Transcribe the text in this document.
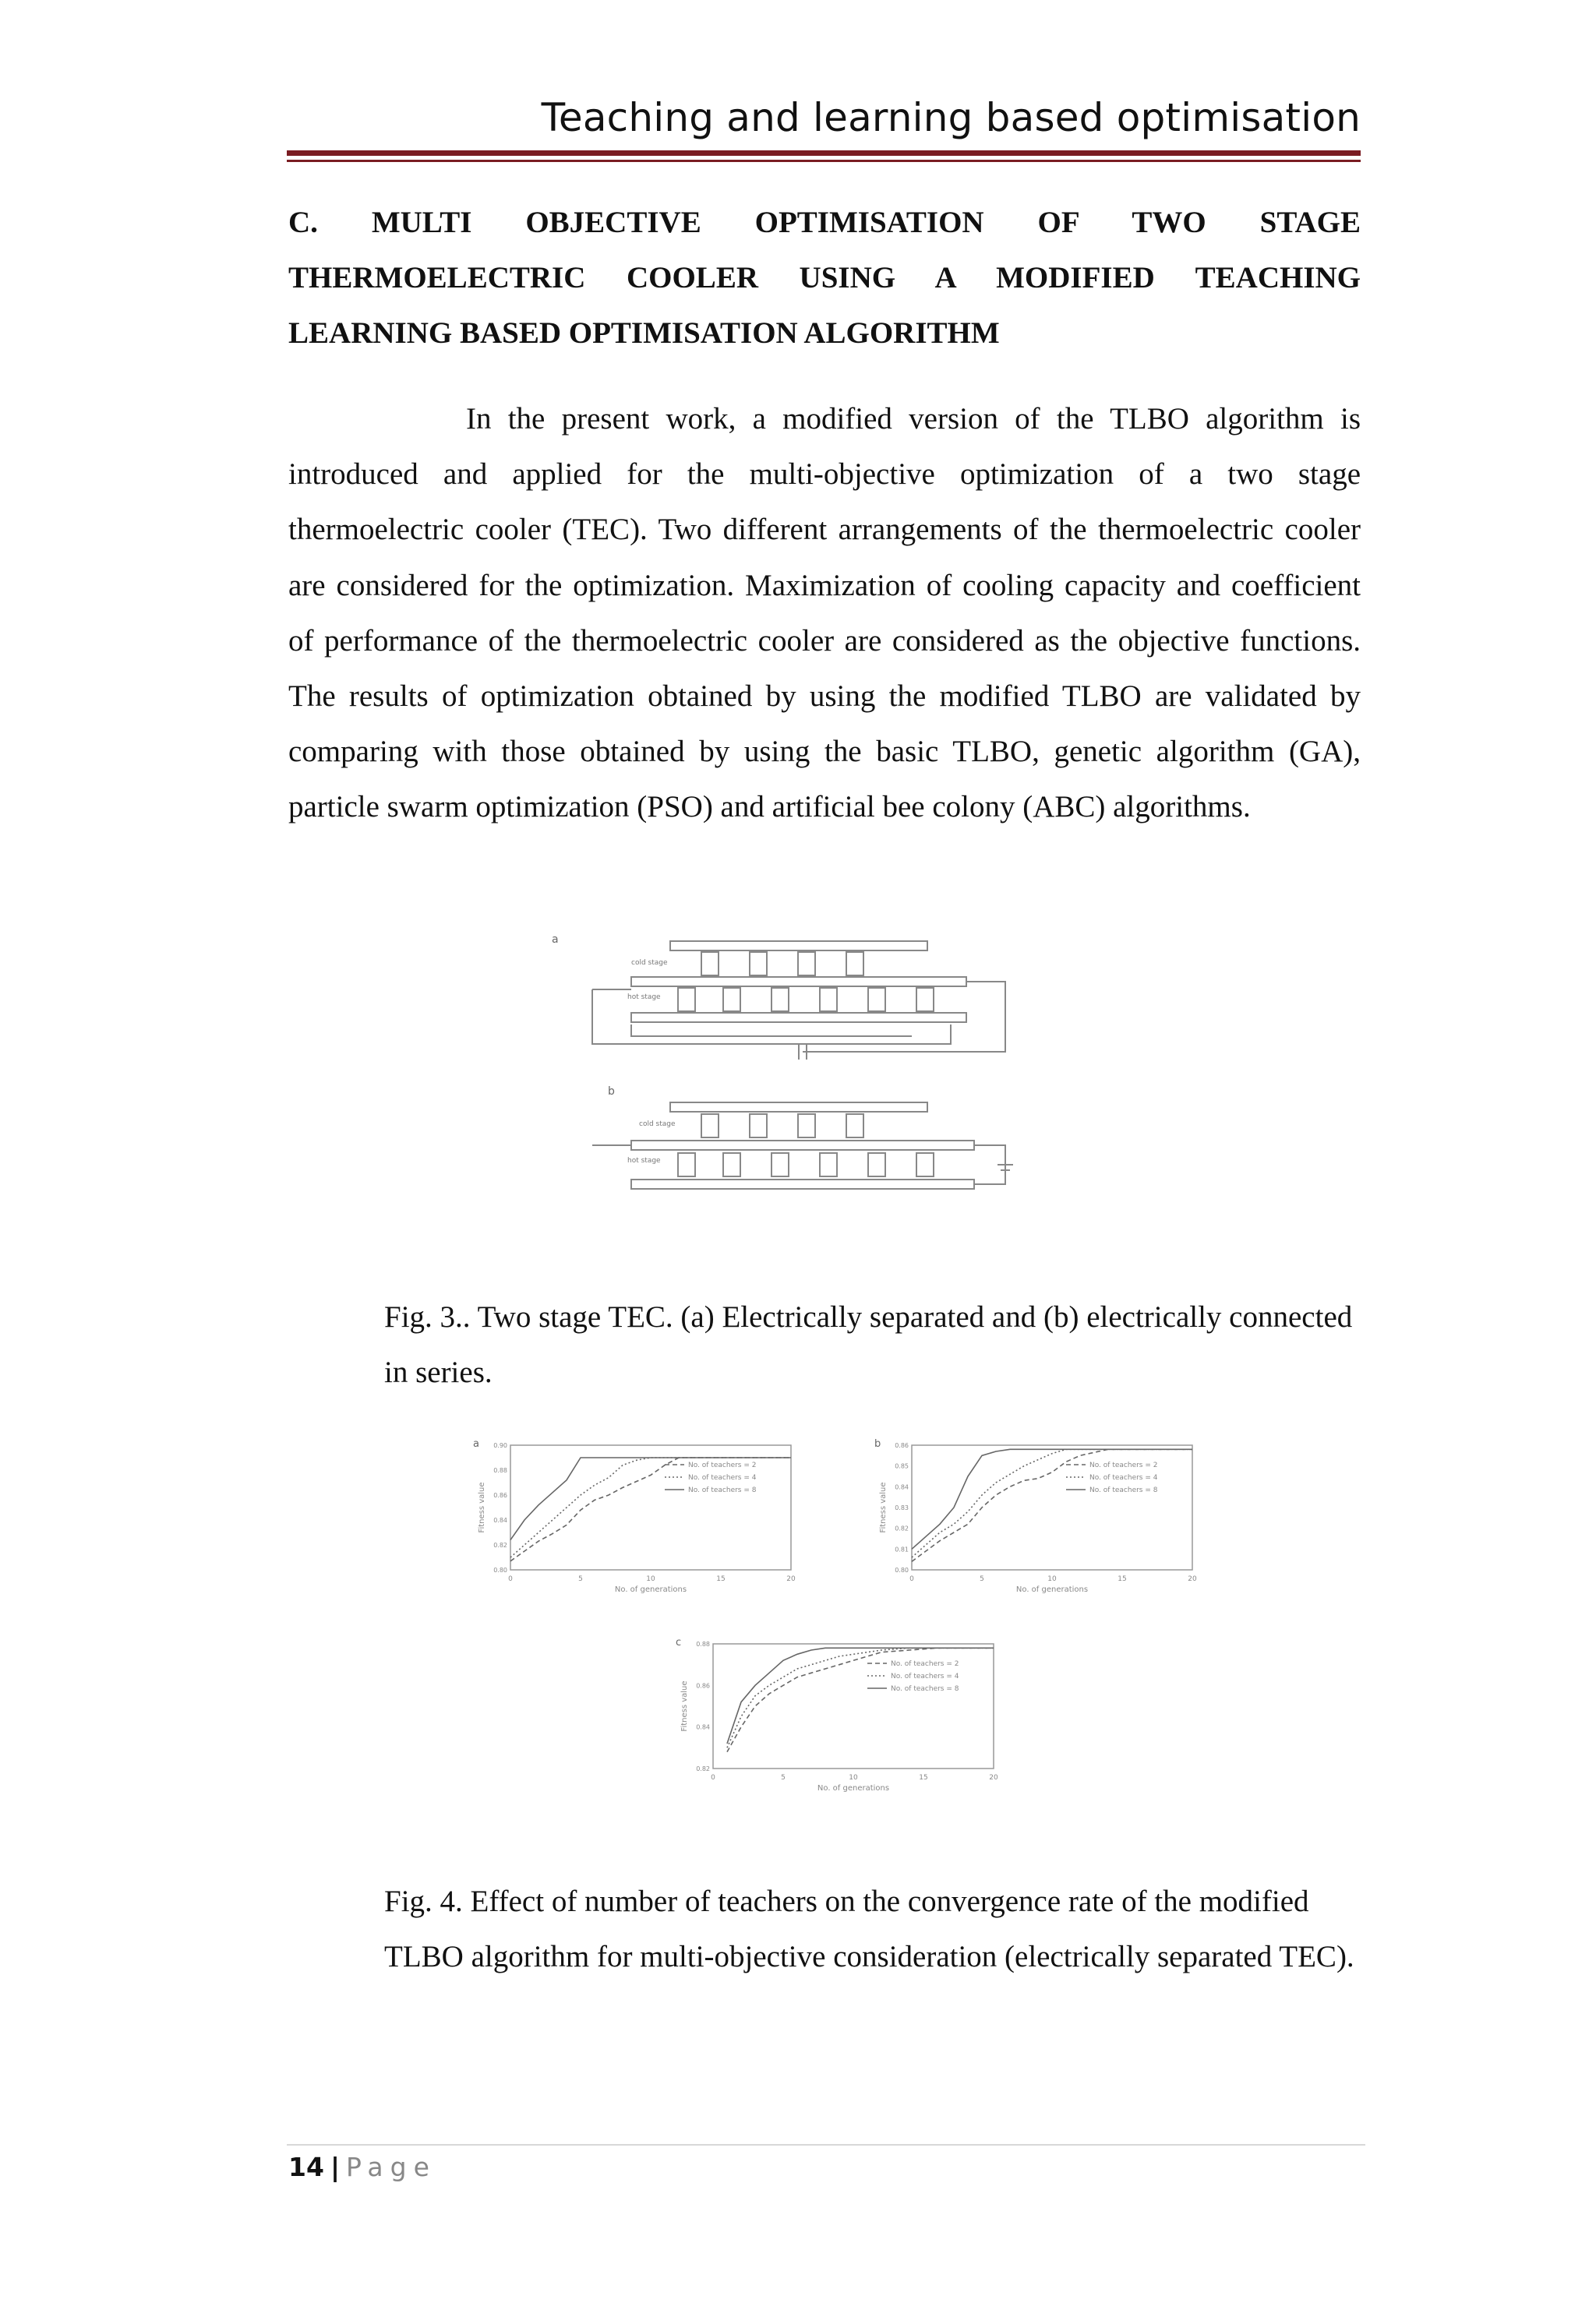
Teaching and learning based optimisation
C. MULTI OBJECTIVE OPTIMISATION OF TWO STAGE THERMOELECTRIC COOLER USING A MODIFIED TEACHING LEARNING BASED OPTIMISATION ALGORITHM
In the present work, a modified version of the TLBO algorithm is introduced and applied for the multi-objective optimization of a two stage thermoelectric cooler (TEC). Two different arrangements of the thermoelectric cooler are considered for the optimization. Maximization of cooling capacity and coefficient of performance of the thermoelectric cooler are considered as the objective functions. The results of optimization obtained by using the modified TLBO are validated by comparing with those obtained by using the basic TLBO, genetic algorithm (GA), particle swarm optimization (PSO) and artificial bee colony (ABC) algorithms.
a
cold stage
hot stage
b
cold stage
hot stage
Fig. 3.. Two stage TEC. (a) Electrically separated and (b) electrically connected in series.
a
0	5	10	15	20
0.80
0.82
0.84
0.86
0.88
0.90
No. of generations
Fitness value
No. of teachers = 2
No. of teachers = 4
No. of teachers = 8
b
0	5	10	15	20
0.80
0.81
0.82
0.83
0.84
0.85
0.86
No. of generations
Fitness value
No. of teachers = 2
No. of teachers = 4
No. of teachers = 8
c
0	5	10	15	20
0.82
0.84
0.86
0.88
No. of generations
Fitness value
No. of teachers = 2
No. of teachers = 4
No. of teachers = 8
Fig. 4. Effect of number of teachers on the convergence rate of the modified TLBO algorithm for multi-objective consideration (electrically separated TEC).
14 | Page
